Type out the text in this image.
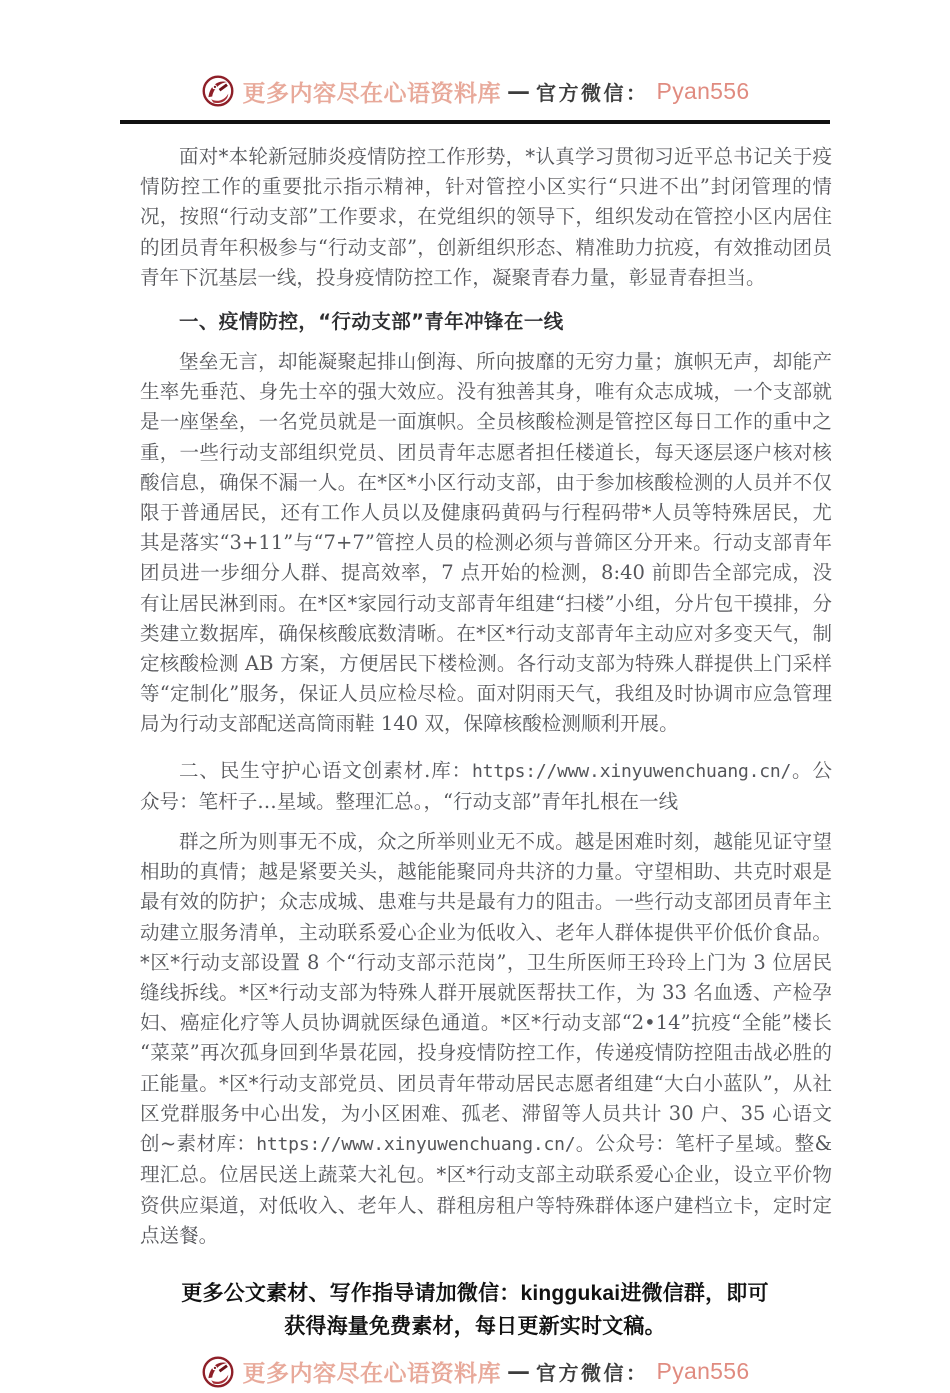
更多内容尽在心语资料库 — 官方微信： Pyan556

面对*本轮新冠肺炎疫情防控工作形势，*认真学习贯彻习近平总书记关于疫情防控工作的重要批示指示精神，针对管控小区实行“只进不出”封闭管理的情况，按照“行动支部”工作要求，在党组织的领导下，组织发动在管控小区内居住的团员青年积极参与“行动支部”，创新组织形态、精准助力抗疫，有效推动团员青年下沉基层一线，投身疫情防控工作，凝聚青春力量，彰显青春担当。

一、疫情防控，“行动支部”青年冲锋在一线

堡垒无言，却能凝聚起排山倒海、所向披靡的无穷力量；旗帜无声，却能产生率先垂范、身先士卒的强大效应。没有独善其身，唯有众志成城，一个支部就是一座堡垒，一名党员就是一面旗帜。全员核酸检测是管控区每日工作的重中之重，一些行动支部组织党员、团员青年志愿者担任楼道长，每天逐层逐户核对核酸信息，确保不漏一人。在*区*小区行动支部，由于参加核酸检测的人员并不仅限于普通居民，还有工作人员以及健康码黄码与行程码带*人员等特殊居民，尤其是落实“3+11”与“7+7”管控人员的检测必须与普筛区分开来。行动支部青年团员进一步细分人群、提高效率，7 点开始的检测，8:40 前即告全部完成，没有让居民淋到雨。在*区*家园行动支部青年组建“扫楼”小组，分片包干摸排，分类建立数据库，确保核酸底数清晰。在*区*行动支部青年主动应对多变天气，制定核酸检测 AB 方案，方便居民下楼检测。各行动支部为特殊人群提供上门采样等“定制化”服务，保证人员应检尽检。面对阴雨天气，我组及时协调市应急管理局为行动支部配送高筒雨鞋 140 双，保障核酸检测顺利开展。

二、民生守护心语文创素材.库：https://www.xinyuwenchuang.cn/。公众号：笔杆子…星域。整理汇总。，“行动支部”青年扎根在一线

群之所为则事无不成，众之所举则业无不成。越是困难时刻，越能见证守望相助的真情；越是紧要关头，越能能聚同舟共济的力量。守望相助、共克时艰是最有效的防护；众志成城、患难与共是最有力的阻击。一些行动支部团员青年主动建立服务清单，主动联系爱心企业为低收入、老年人群体提供平价低价食品。*区*行动支部设置 8 个“行动支部示范岗”，卫生所医师王玲玲上门为 3 位居民缝线拆线。*区*行动支部为特殊人群开展就医帮扶工作，为 33 名血透、产检孕妇、癌症化疗等人员协调就医绿色通道。*区*行动支部“2•14”抗疫“全能”楼长“菜菜”再次孤身回到华景花园，投身疫情防控工作，传递疫情防控阻击战必胜的正能量。*区*行动支部党员、团员青年带动居民志愿者组建“大白小蓝队”，从社区党群服务中心出发，为小区困难、孤老、滞留等人员共计 30 户、35 心语文创~素材库：https://www.xinyuwenchuang.cn/。公众号：笔杆子星域。整&理汇总。位居民送上蔬菜大礼包。*区*行动支部主动联系爱心企业，设立平价物资供应渠道，对低收入、老年人、群租房租户等特殊群体逐户建档立卡，定时定点送餐。

更多公文素材、写作指导请加微信：kinggukai进微信群，即可
获得海量免费素材，每日更新实时文稿。
更多内容尽在心语资料库 — 官方微信： Pyan556
